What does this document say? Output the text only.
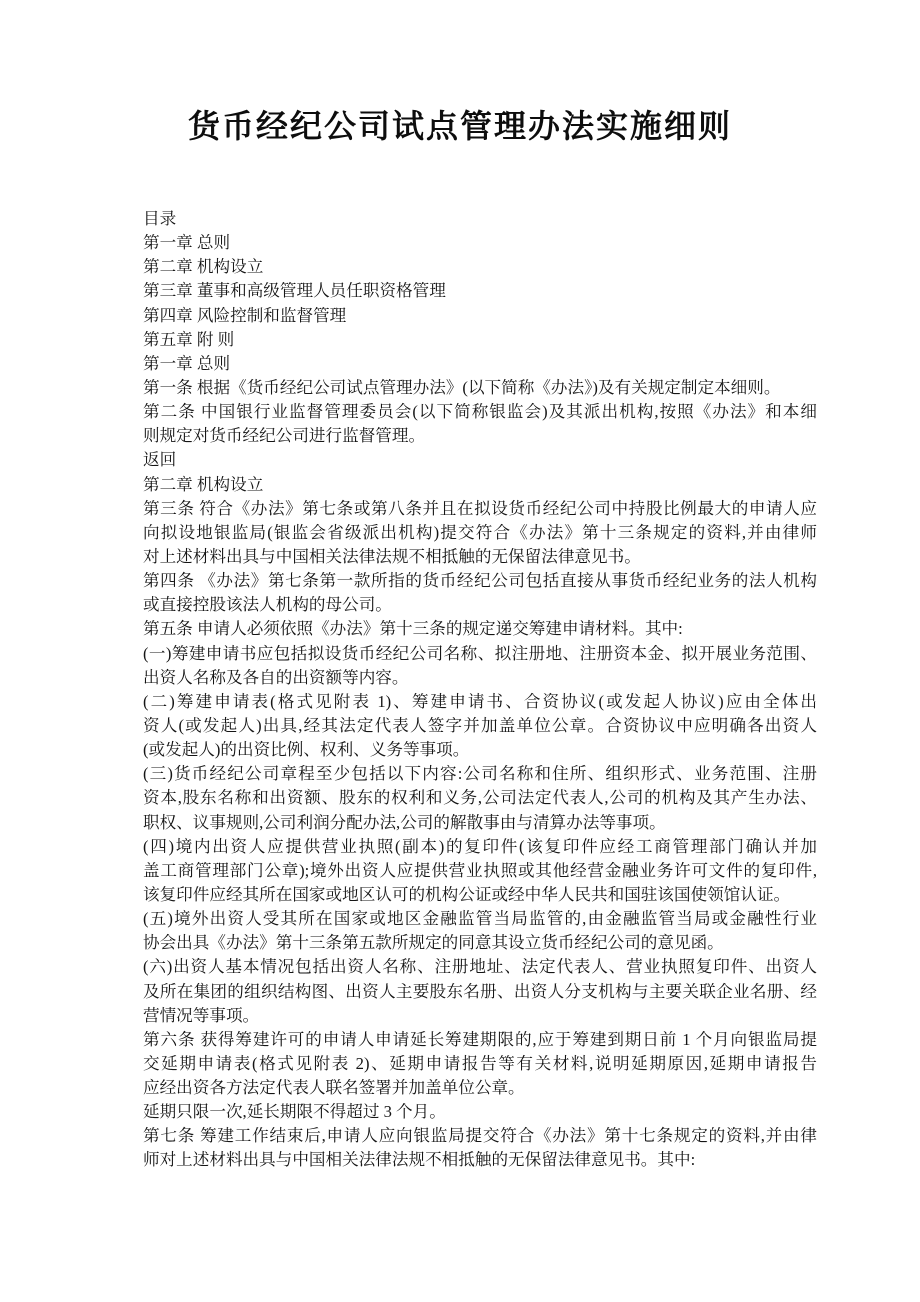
货币经纪公司试点管理办法实施细则
目录
第一章 总则
第二章 机构设立
第三章 董事和高级管理人员任职资格管理
第四章 风险控制和监督管理
第五章 附 则
第一章 总则
第一条 根据《货币经纪公司试点管理办法》(以下简称《办法》)及有关规定制定本细则。
第二条 中国银行业监督管理委员会(以下简称银监会)及其派出机构,按照《办法》和本细
则规定对货币经纪公司进行监督管理。
返回
第二章 机构设立
第三条 符合《办法》第七条或第八条并且在拟设货币经纪公司中持股比例最大的申请人应
向拟设地银监局(银监会省级派出机构)提交符合《办法》第十三条规定的资料,并由律师
对上述材料出具与中国相关法律法规不相抵触的无保留法律意见书。
第四条 《办法》第七条第一款所指的货币经纪公司包括直接从事货币经纪业务的法人机构
或直接控股该法人机构的母公司。
第五条 申请人必须依照《办法》第十三条的规定递交筹建申请材料。其中:
(一)筹建申请书应包括拟设货币经纪公司名称、拟注册地、注册资本金、拟开展业务范围、
出资人名称及各自的出资额等内容。
(二)筹建申请表(格式见附表 1)、筹建申请书、合资协议(或发起人协议)应由全体出
资人(或发起人)出具,经其法定代表人签字并加盖单位公章。合资协议中应明确各出资人
(或发起人)的出资比例、权利、义务等事项。
(三)货币经纪公司章程至少包括以下内容:公司名称和住所、组织形式、业务范围、注册
资本,股东名称和出资额、股东的权利和义务,公司法定代表人,公司的机构及其产生办法、
职权、议事规则,公司利润分配办法,公司的解散事由与清算办法等事项。
(四)境内出资人应提供营业执照(副本)的复印件(该复印件应经工商管理部门确认并加
盖工商管理部门公章);境外出资人应提供营业执照或其他经营金融业务许可文件的复印件,
该复印件应经其所在国家或地区认可的机构公证或经中华人民共和国驻该国使领馆认证。
(五)境外出资人受其所在国家或地区金融监管当局监管的,由金融监管当局或金融性行业
协会出具《办法》第十三条第五款所规定的同意其设立货币经纪公司的意见函。
(六)出资人基本情况包括出资人名称、注册地址、法定代表人、营业执照复印件、出资人
及所在集团的组织结构图、出资人主要股东名册、出资人分支机构与主要关联企业名册、经
营情况等事项。
第六条 获得筹建许可的申请人申请延长筹建期限的,应于筹建到期日前 1 个月向银监局提
交延期申请表(格式见附表 2)、延期申请报告等有关材料,说明延期原因,延期申请报告
应经出资各方法定代表人联名签署并加盖单位公章。
延期只限一次,延长期限不得超过 3 个月。
第七条 筹建工作结束后,申请人应向银监局提交符合《办法》第十七条规定的资料,并由律
师对上述材料出具与中国相关法律法规不相抵触的无保留法律意见书。其中:
